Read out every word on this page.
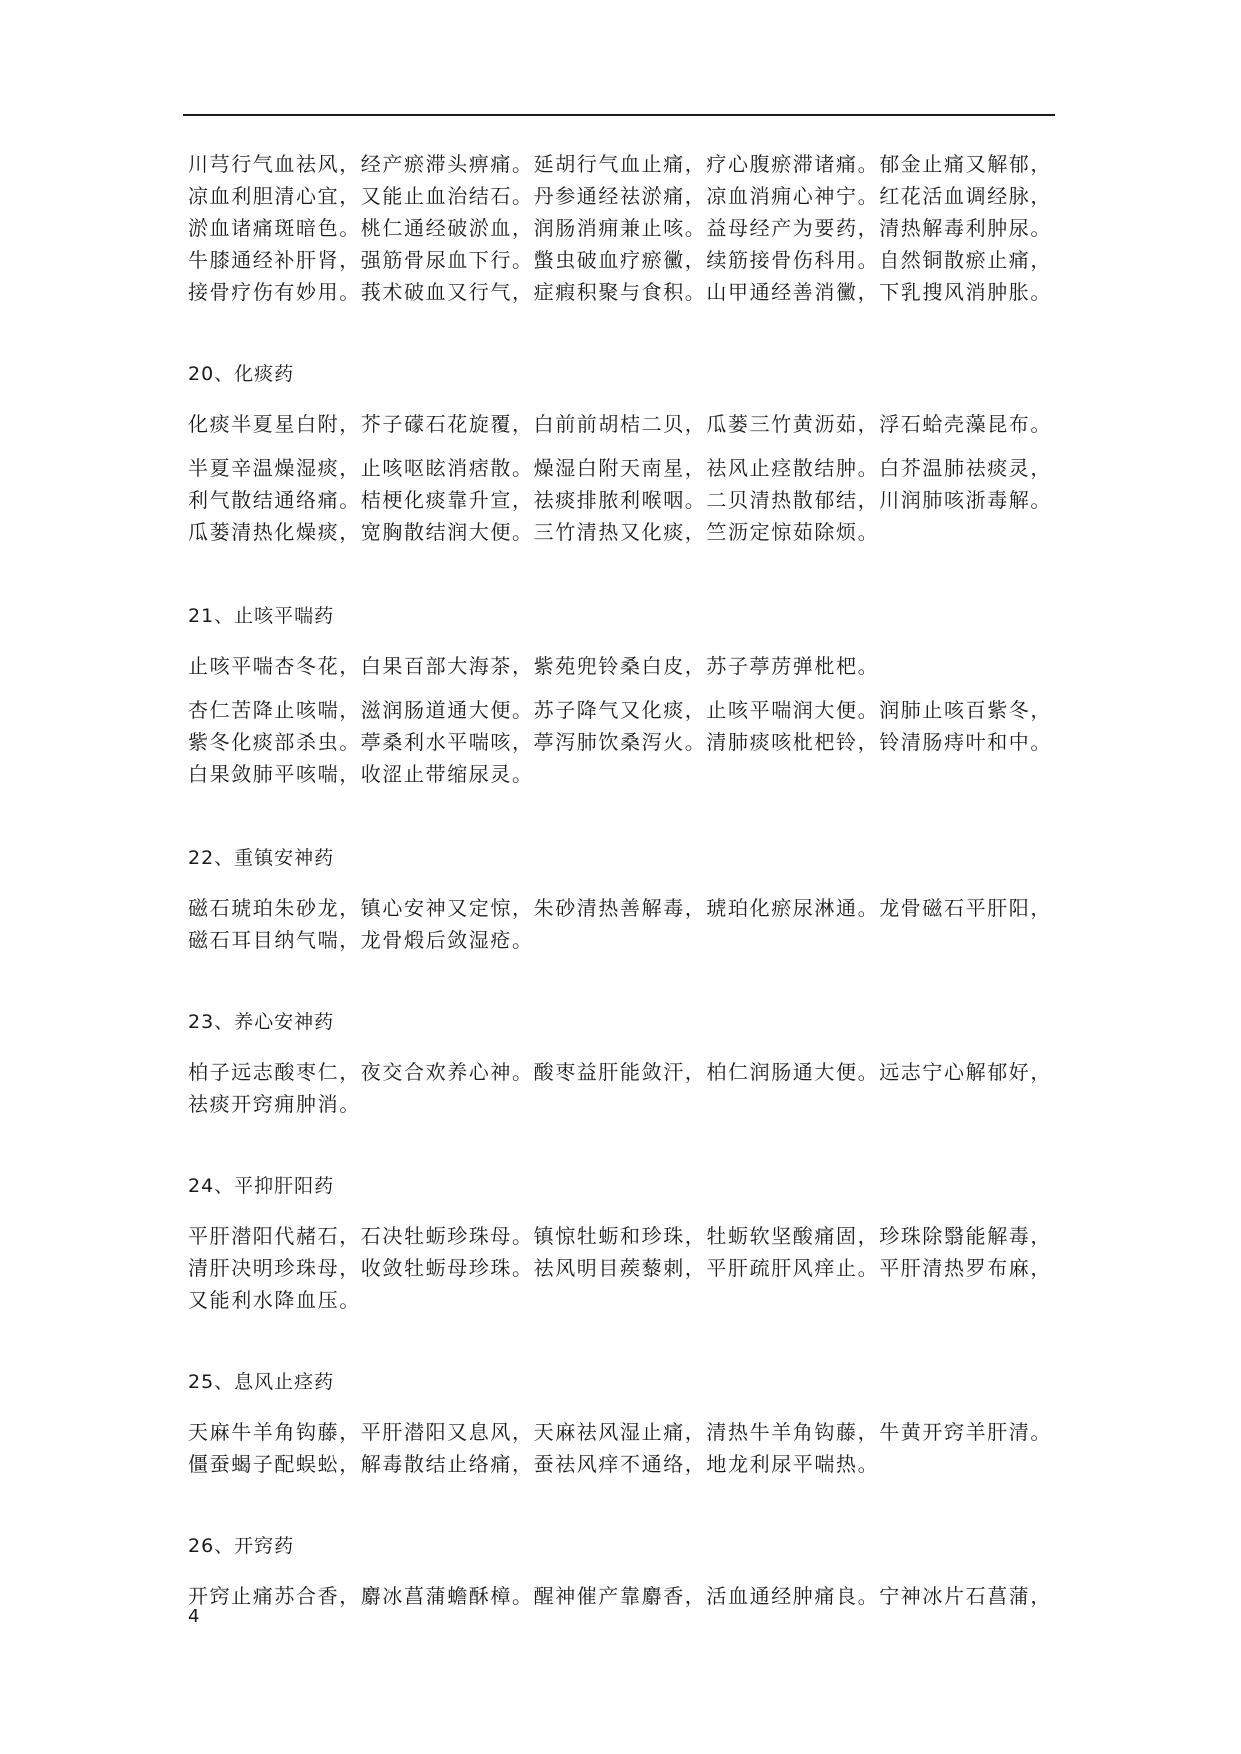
川芎行气血祛风，经产瘀滞头痹痛。延胡行气血止痛，疗心腹瘀滞诸痛。郁金止痛又解郁，
凉血利胆清心宜，又能止血治结石。丹参通经祛淤痛，凉血消痈心神宁。红花活血调经脉，
淤血诸痛斑暗色。桃仁通经破淤血，润肠消痈兼止咳。益母经产为要药，清热解毒利肿尿。
牛膝通经补肝肾，强筋骨尿血下行。蟞虫破血疗瘀黴，续筋接骨伤科用。自然铜散瘀止痛，
接骨疗伤有妙用。莪术破血又行气，症瘕积聚与食积。山甲通经善消黴，下乳搜风消肿胀。
20、化痰药
化痰半夏星白附，芥子礞石花旋覆，白前前胡桔二贝，瓜蒌三竹黄沥茹，浮石蛤壳藻昆布。
半夏辛温燥湿痰，止咳呕眩消痞散。燥湿白附天南星，祛风止痉散结肿。白芥温肺祛痰灵，
利气散结通络痛。桔梗化痰靠升宣，祛痰排脓利喉咽。二贝清热散郁结，川润肺咳浙毒解。
瓜蒌清热化燥痰，宽胸散结润大便。三竹清热又化痰，竺沥定惊茹除烦。
21、止咳平喘药
止咳平喘杏冬花，白果百部大海茶，紫苑兜铃桑白皮，苏子葶苈弹枇杷。
杏仁苦降止咳喘，滋润肠道通大便。苏子降气又化痰，止咳平喘润大便。润肺止咳百紫冬，
紫冬化痰部杀虫。葶桑利水平喘咳，葶泻肺饮桑泻火。清肺痰咳枇杷铃，铃清肠痔叶和中。
白果敛肺平咳喘，收涩止带缩尿灵。
22、重镇安神药
磁石琥珀朱砂龙，镇心安神又定惊，朱砂清热善解毒，琥珀化瘀尿淋通。龙骨磁石平肝阳，
磁石耳目纳气喘，龙骨煅后敛湿疮。
23、养心安神药
柏子远志酸枣仁，夜交合欢养心神。酸枣益肝能敛汗，柏仁润肠通大便。远志宁心解郁好，
祛痰开窍痈肿消。
24、平抑肝阳药
平肝潜阳代赭石，石决牡蛎珍珠母。镇惊牡蛎和珍珠，牡蛎软坚酸痛固，珍珠除翳能解毒，
清肝决明珍珠母，收敛牡蛎母珍珠。祛风明目蒺藜刺，平肝疏肝风痒止。平肝清热罗布麻，
又能利水降血压。
25、息风止痉药
天麻牛羊角钩藤，平肝潜阳又息风，天麻祛风湿止痛，清热牛羊角钩藤，牛黄开窍羊肝清。
僵蚕蝎子配蜈蚣，解毒散结止络痛，蚕祛风痒不通络，地龙利尿平喘热。
26、开窍药
开窍止痛苏合香，麝冰菖蒲蟾酥樟。醒神催产靠麝香，活血通经肿痛良。宁神冰片石菖蒲，
4
